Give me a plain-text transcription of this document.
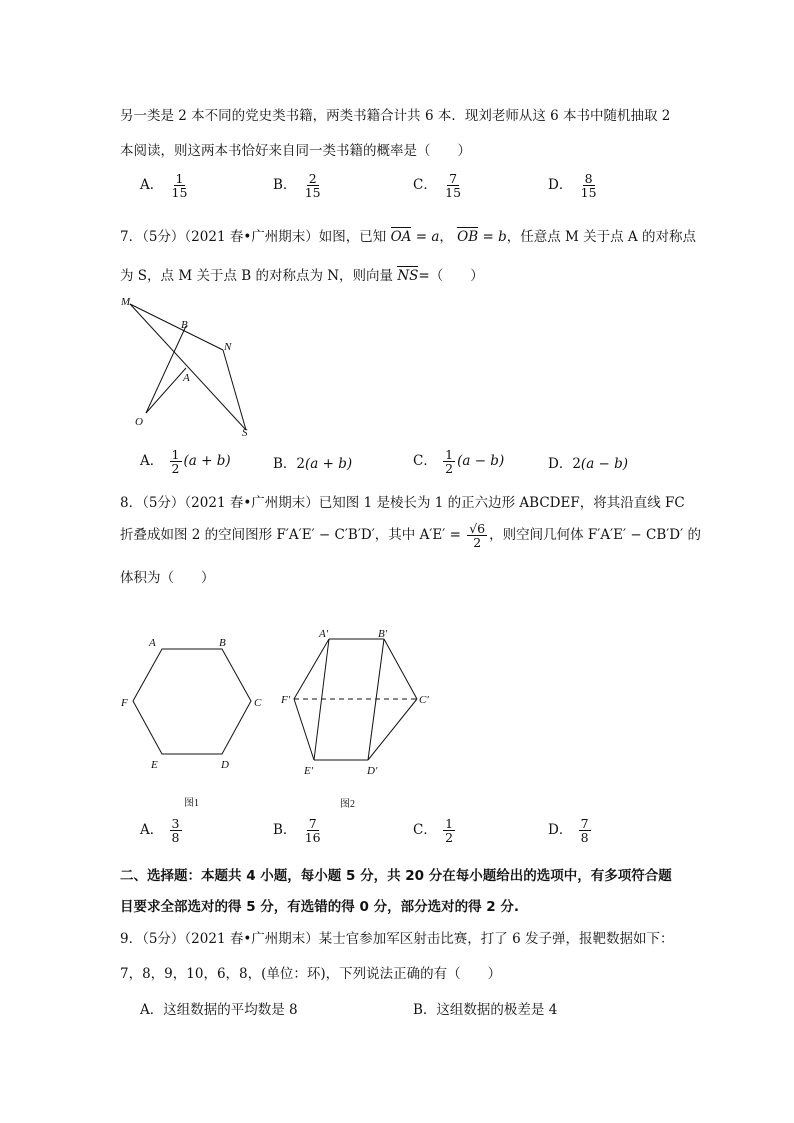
另一类是 2 本不同的党史类书籍，两类书籍合计共 6 本．现刘老师从这 6 本书中随机抽取 2
本阅读，则这两本书恰好来自同一类书籍的概率是（　　）
A． $\frac{1}{15}$	B． $\frac{2}{15}$	C． $\frac{7}{15}$	D． $\frac{8}{15}$
7．（5分）（2021 春•广州期末）如图，已知 OA = a， OB = b，任意点 M 关于点 A 的对称点
为 S，点 M 关于点 B 的对称点为 N，则向量 NS=（　　）
M
B
N
A
O
S
A． $\frac{1}{2} (a + b)$	B．2(a + b)	C． $\frac{1}{2} (a - b)$	D．2(a − b)
8．（5分）（2021 春•广州期末）已知图 1 是棱长为 1 的正六边形 ABCDEF，将其沿直线 FC
折叠成如图 2 的空间图形 F′A′E′ − C′B′D′，其中 $A'E' = \frac{√6}{2}$ ，则空间几何体 F′A′E′ − CB′D′ 的
体积为（　　）
A	B
C
D
E
F
图1
A′	B′
C′
D′
E′
F′
图2
A． $\frac{3}{8}$	B． $\frac{7}{16}$	C． $\frac{1}{2}$	D． $\frac{7}{8}$
二、选择题：本题共 4 小题，每小题 5 分，共 20 分在每小题给出的选项中，有多项符合题
目要求全部选对的得 5 分，有选错的得 0 分，部分选对的得 2 分.
9．（5分）（2021 春•广州期末）某士官参加军区射击比赛，打了 6 发子弹，报靶数据如下：
7，8，9，10，6，8，(单位：环)，下列说法正确的有（　　）
A．这组数据的平均数是 8	B．这组数据的极差是 4
